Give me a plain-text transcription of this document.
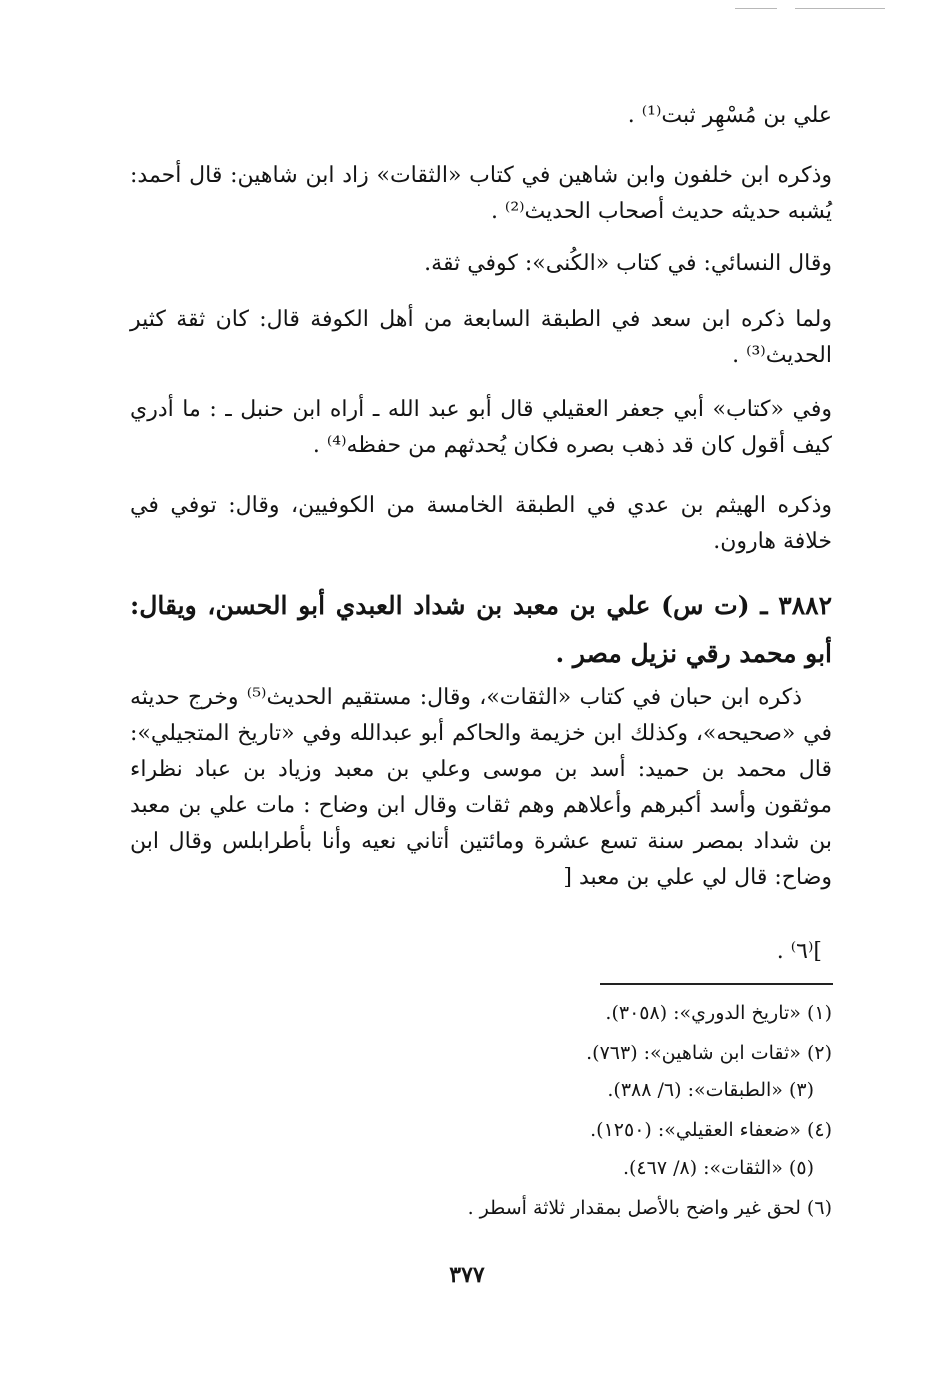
علي بن مُسْهِر ثبت⁽¹⁾ .

وذكره ابن خلفون وابن شاهين في كتاب «الثقات» زاد ابن شاهين: قال أحمد: يُشبه حديثه حديث أصحاب الحديث⁽²⁾ .

وقال النسائي: في كتاب «الكُنى»: كوفي ثقة.

ولما ذكره ابن سعد في الطبقة السابعة من أهل الكوفة قال: كان ثقة كثير الحديث⁽³⁾ .

وفي «كتاب» أبي جعفر العقيلي قال أبو عبد الله ـ أراه ابن حنبل ـ : ما أدري كيف أقول كان قد ذهب بصره فكان يُحدثهم من حفظه⁽⁴⁾ .

وذكره الهيثم بن عدي في الطبقة الخامسة من الكوفيين، وقال: توفي في خلافة هارون.

٣٨٨٢ ـ (ت س) علي بن معبد بن شداد العبدي أبو الحسن، ويقال: أبو محمد رقي نزيل مصر .

ذكره ابن حبان في كتاب «الثقات»، وقال: مستقيم الحديث⁽⁵⁾ وخرج حديثه في «صحيحه»، وكذلك ابن خزيمة والحاكم أبو عبدالله وفي «تاريخ المتجيلي»: قال محمد بن حميد: أسد بن موسى وعلي بن معبد وزياد بن عباد نظراء موثقون وأسد أكبرهم وأعلاهم وهم ثقات وقال ابن وضاح : مات علي بن معبد بن شداد بمصر سنة تسع عشرة ومائتين أتاني نعيه وأنا بأطرابلس وقال ابن وضاح: قال لي علي بن معبد [

]⁽٦⁾ .

(١) «تاريخ الدوري»: (٣٠٥٨).

(٢) «ثقات ابن شاهين»: (٧٦٣).

(٣) «الطبقات»: (٦/ ٣٨٨).

(٤) «ضعفاء العقيلي»: (١٢٥٠).

(٥) «الثقات»: (٨/ ٤٦٧).

(٦) لحق غير واضح بالأصل بمقدار ثلاثة أسطر .

٣٧٧
